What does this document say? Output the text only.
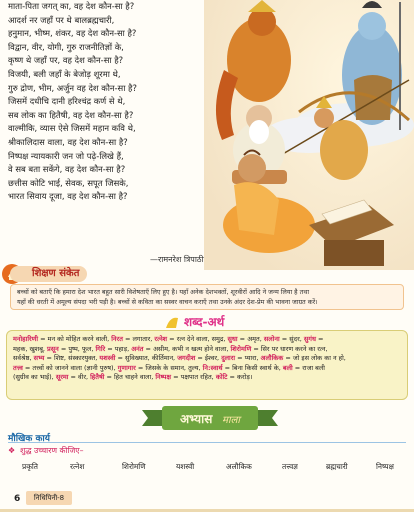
माता-पिता जगत् का, वह देश कौन-सा है?
आदर्श नर जहाँ पर थे बालब्रह्मचारी,
हनुमान, भीष्म, शंकर, वह देश कौन-सा है?
विद्वान, वीर, योगी, गुरु राजनीतिज्ञों के,
कृष्ण थे जहाँ पर, वह देश कौन-सा है?
विजयी, बली जहाँ के बेजोड़ शूरमा थे,
गुरु द्रोण, भीम, अर्जुन वह देश कौन-सा है?
जिसमें दधीचि दानी हरिश्चंद्र कर्ण से थे,
सब लोक का हितैषी, वह देश कौन-सा है?
वाल्मीकि, व्यास ऐसे जिसमें महान कवि थे,
श्रीकालिदास वाला, वह देश कौन-सा है?
निष्पक्ष न्यायकारी जन जो पढ़े-लिखे हैं,
वे सब बता सकेंगे, वह देश कौन-सा है?
छत्तीस कोटि भाई, सेवक, सपूत जिसके,
भारत सिवाय दूजा, वह देश कौन-सा है?
—रामनरेश त्रिपाठी
शिक्षण संकेत
बच्चों को बताएँ कि हमारा देश भारत बहुत सारी विशेषताएँ लिए हुए है। यहाँ अनेक देशभक्तों, शूरवीरों आदि ने जन्म लिया है तथा
यहाँ की धरती में अमूल्य संपदा भरी पड़ी है। बच्चों से कविता का सस्वर वाचन कराएँ तथा उनके अंदर देश-प्रेम की भावना जाग्रत करें।
शब्द-अर्थ
मनोहारिणी = मन को मोहित करने वाली, निरत = लगातार, रत्नेश = रत्न देने वाला, समुद्र, सुधा = अमृत, सलोना = सुंदर, सुगंध =
महक, खुशबू, प्रसून = पुष्प, फूल, गिरि = पहाड़, अनंत = असीम, कभी न खत्म होने वाला, शिरोमणि = सिर पर धारण करने का रत्न,
सर्वश्रेष्ठ, सभ्य = शिष्ट, संस्कारयुक्त, यशस्वी = सुविख्यात, कीर्तिमान, जगदीश = ईश्वर, दुलारा = प्यारा, अलौकिक = जो इस लोक का न हो,
तत्त्व = तत्त्वों को जानने वाला (ज्ञानी पुरुष), गुणागार = जिसके के समान, तुल्य, नि:स्वार्थ = बिना किसी स्वार्थ के, बली = राजा बली
(सुग्रीव का भाई), सूरमा = वीर, हितैषी = हित चाहने वाला, निष्पक्ष = पक्षपात रहित, कोटि = करोड़।
अभ्यास माला
मौखिक कार्य
❖ शुद्ध उच्चारण कीजिए–
प्रकृति	रत्नेश	शिरोमणि	यशस्वी	अलौकिक	तत्त्वज्ञ	ब्रह्मचारी	निष्पक्ष
6	निधिपिनी-8
